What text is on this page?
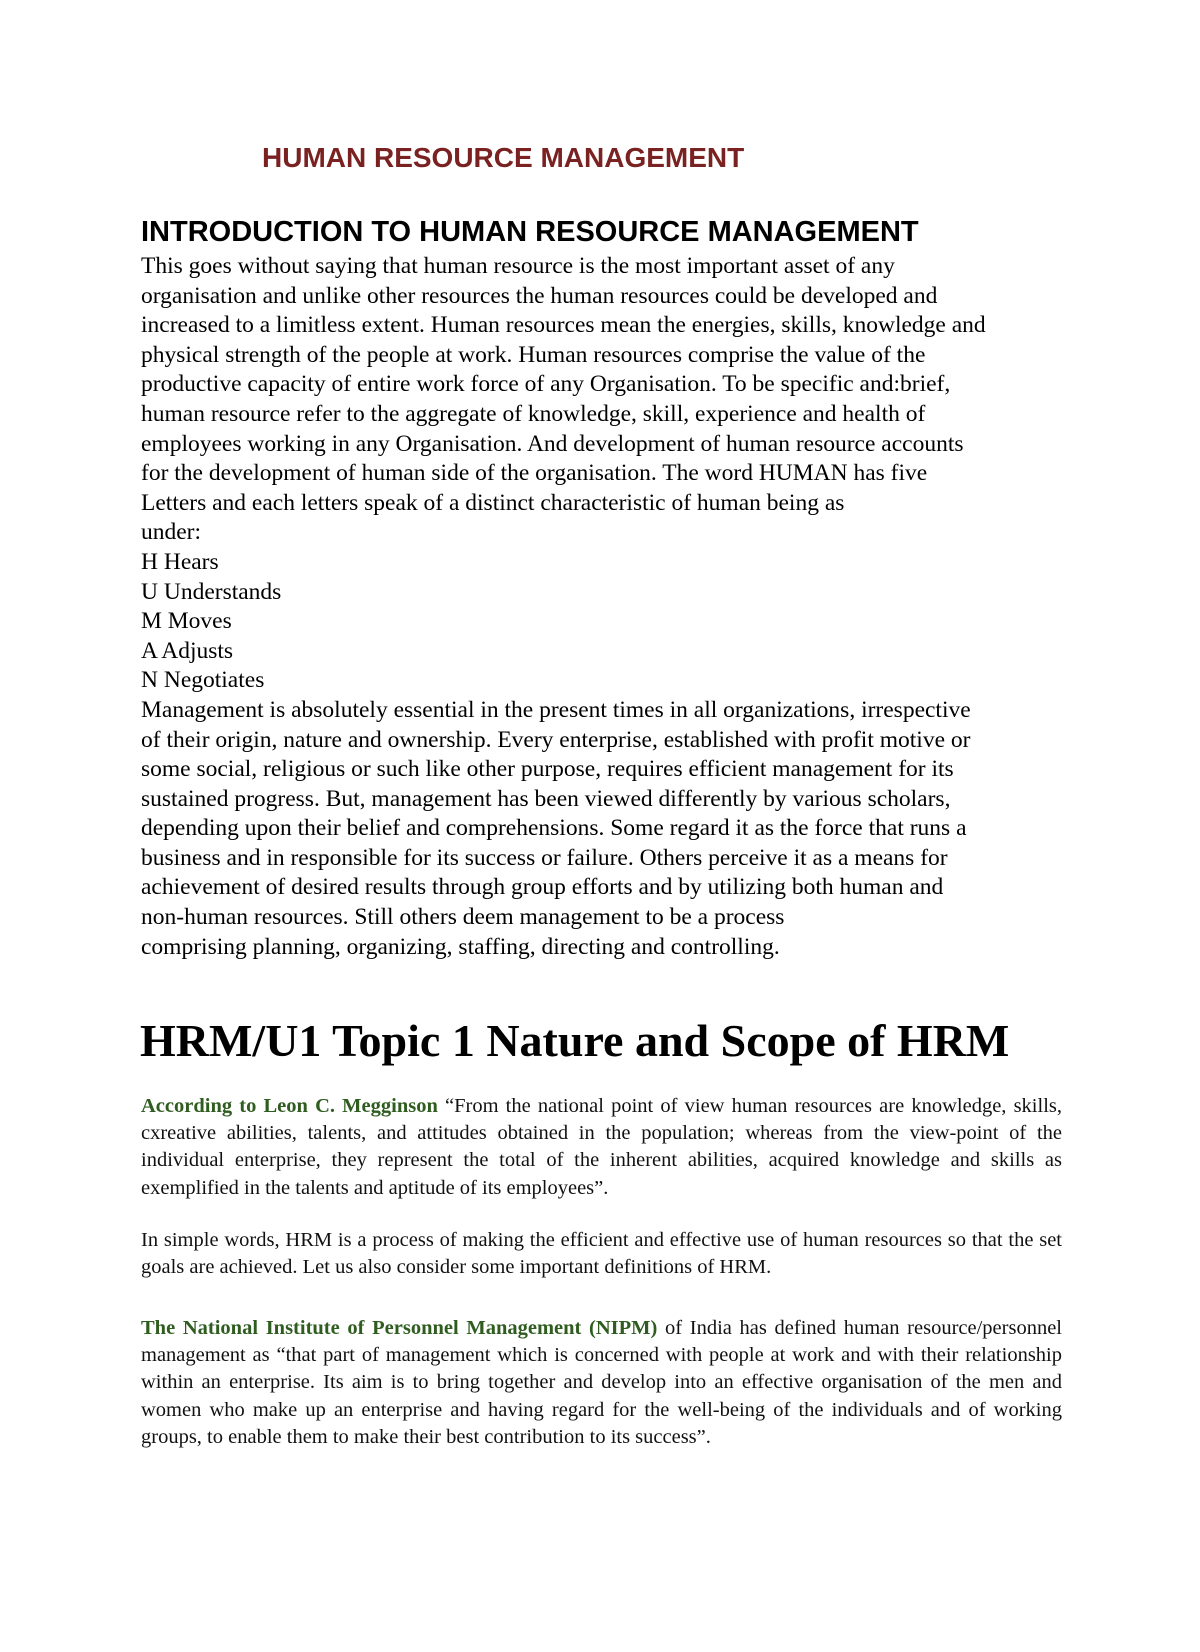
HUMAN RESOURCE MANAGEMENT
INTRODUCTION TO HUMAN RESOURCE MANAGEMENT
This goes without saying that human resource is the most important asset of any
organisation and unlike other resources the human resources could be developed and
increased to a limitless extent. Human resources mean the energies, skills, knowledge and
physical strength of the people at work. Human resources comprise the value of the
productive capacity of entire work force of any Organisation. To be specific and:brief,
human resource refer to the aggregate of knowledge, skill, experience and health of
employees working in any Organisation. And development of human resource accounts
for the development of human side of the organisation. The word HUMAN has five
Letters and each letters speak of a distinct characteristic of human being as
under:
H Hears
U Understands
M Moves
A Adjusts
N Negotiates
Management is absolutely essential in the present times in all organizations, irrespective
of their origin, nature and ownership. Every enterprise, established with profit motive or
some social, religious or such like other purpose, requires efficient management for its
sustained progress. But, management has been viewed differently by various scholars,
depending upon their belief and comprehensions. Some regard it as the force that runs a
business and in responsible for its success or failure. Others perceive it as a means for
achievement of desired results through group efforts and by utilizing both human and
non-human resources. Still others deem management to be a process
comprising planning, organizing, staffing, directing and controlling.
HRM/U1 Topic 1 Nature and Scope of HRM

According to Leon C. Megginson “From the national point of view human resources are knowledge, skills, cxreative abilities, talents, and attitudes obtained in the population; whereas from the view-point of the individual enterprise, they represent the total of the inherent abilities, acquired knowledge and skills as exemplified in the talents and aptitude of its employees”.

In simple words, HRM is a process of making the efficient and effective use of human resources so that the set goals are achieved. Let us also consider some important definitions of HRM.

The National Institute of Personnel Management (NIPM) of India has defined human resource/personnel management as “that part of management which is concerned with people at work and with their relationship within an enterprise. Its aim is to bring together and develop into an effective organisation of the men and women who make up an enterprise and having regard for the well-being of the individuals and of working groups, to enable them to make their best contribution to its success”.
